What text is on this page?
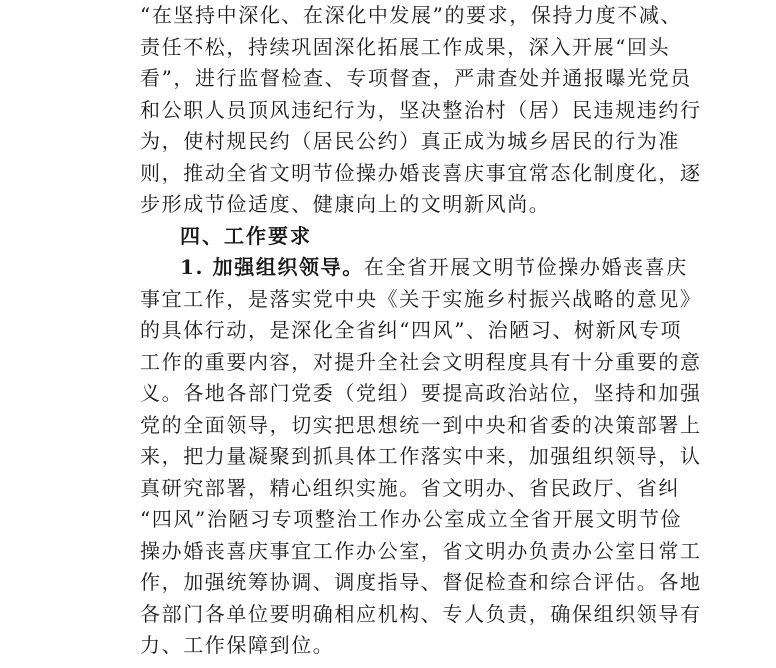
“在坚持中深化、在深化中发展”的要求，保持力度不减、
责任不松，持续巩固深化拓展工作成果，深入开展“回头
看”，进行监督检查、专项督查，严肃查处并通报曝光党员
和公职人员顶风违纪行为，坚决整治村（居）民违规违约行
为，使村规民约（居民公约）真正成为城乡居民的行为准
则，推动全省文明节俭操办婚丧喜庆事宜常态化制度化，逐
步形成节俭适度、健康向上的文明新风尚。
四、工作要求
1. 加强组织领导。在全省开展文明节俭操办婚丧喜庆
事宜工作，是落实党中央《关于实施乡村振兴战略的意见》
的具体行动，是深化全省纠“四风”、治陋习、树新风专项
工作的重要内容，对提升全社会文明程度具有十分重要的意
义。各地各部门党委（党组）要提高政治站位，坚持和加强
党的全面领导，切实把思想统一到中央和省委的决策部署上
来，把力量凝聚到抓具体工作落实中来，加强组织领导，认
真研究部署，精心组织实施。省文明办、省民政厅、省纠
“四风”治陋习专项整治工作办公室成立全省开展文明节俭
操办婚丧喜庆事宜工作办公室，省文明办负责办公室日常工
作，加强统筹协调、调度指导、督促检查和综合评估。各地
各部门各单位要明确相应机构、专人负责，确保组织领导有
力、工作保障到位。
